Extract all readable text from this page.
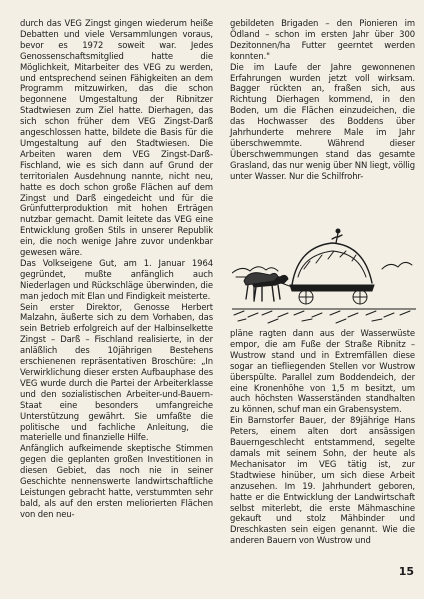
durch das VEG Zingst gingen wiederum heiße Debatten und viele Versammlungen voraus, bevor es 1972 soweit war. Jedes Genossenschaftsmitglied hatte die Möglichkeit, Mitarbeiter des VEG zu werden, und entsprechend seinen Fähigkeiten an dem Programm mitzuwirken, das die schon begonnene Umgestaltung der Ribnitzer Stadtwiesen zum Ziel hatte. Dierhagen, das sich schon früher dem VEG Zingst-Darß angeschlossen hatte, bildete die Basis für die Umgestaltung auf den Stadtwiesen. Die Arbeiten waren dem VEG Zingst-Darß-Fischland, wie es sich dann auf Grund der territorialen Ausdehnung nannte, nicht neu, hatte es doch schon große Flächen auf dem Zingst und Darß eingedeicht und für die Grünfutterproduktion mit hohen Erträgen nutzbar gemacht. Damit leitete das VEG eine Entwicklung großen Stils in unserer Republik ein, die noch wenige Jahre zuvor undenkbar gewesen wäre.

Das Volkseigene Gut, am 1. Januar 1964 gegründet, mußte anfänglich auch Niederlagen und Rückschläge überwinden, die man jedoch mit Elan und Findigkeit meisterte.

Sein erster Direktor, Genosse Herbert Malzahn, äußerte sich zu dem Vorhaben, das sein Betrieb erfolgreich auf der Halbinselkette Zingst – Darß – Fischland realisierte, in der anläßlich des 10jährigen Bestehens erschienenen repräsentativen Broschüre: „In Verwirklichung dieser ersten Aufbauphase des VEG wurde durch die Partei der Arbeiterklasse und den sozialistischen Arbeiter-und-Bauern-Staat eine besonders umfangreiche Unterstützung gewährt. Sie umfaßte die politische und fachliche Anleitung, die materielle und finanzielle Hilfe.

Anfänglich aufkeimende skeptische Stimmen gegen die geplanten großen Investitionen in diesen Gebiet, das noch nie in seiner Geschichte nennenswerte landwirtschaftliche Leistungen gebracht hatte, verstummten sehr bald, als auf den ersten meliorierten Flächen von den neu-

gebildeten Brigaden – den Pionieren im Ödland – schon im ersten Jahr über 300 Dezitonnen/ha Futter geerntet werden konnten."

Die im Laufe der Jahre gewonnenen Erfahrungen wurden jetzt voll wirksam. Bagger rückten an, fraßen sich, aus Richtung Dierhagen kommend, in den Boden, um die Flächen einzudeichen, die das Hochwasser des Boddens über Jahrhunderte mehrere Male im Jahr überschwemmte. Während dieser Überschwemmungen stand das gesamte Grasland, das nur wenig über NN liegt, völlig unter Wasser. Nur die Schilfrohr-

pläne ragten dann aus der Wasserwüste empor, die am Fuße der Straße Ribnitz – Wustrow stand und in Extremfällen diese sogar an tiefliegenden Stellen vor Wustrow überspülte. Parallel zum Boddendeich, der eine Kronenhöhe von 1,5 m besitzt, um auch höchsten Wasserständen standhalten zu können, schuf man ein Grabensystem.

Ein Barnstorfer Bauer, der 89jährige Hans Peters, einem alten dort ansässigen Bauerngeschlecht entstammend, segelte damals mit seinem Sohn, der heute als Mechanisator im VEG tätig ist, zur Stadtwiese hinüber, um sich diese Arbeit anzusehen. Im 19. Jahrhundert geboren, hatte er die Entwicklung der Landwirtschaft selbst miterlebt, die erste Mähmaschine gekauft und stolz Mähbinder und Dreschkasten sein eigen genannt. Wie die anderen Bauern von Wustrow und

15
